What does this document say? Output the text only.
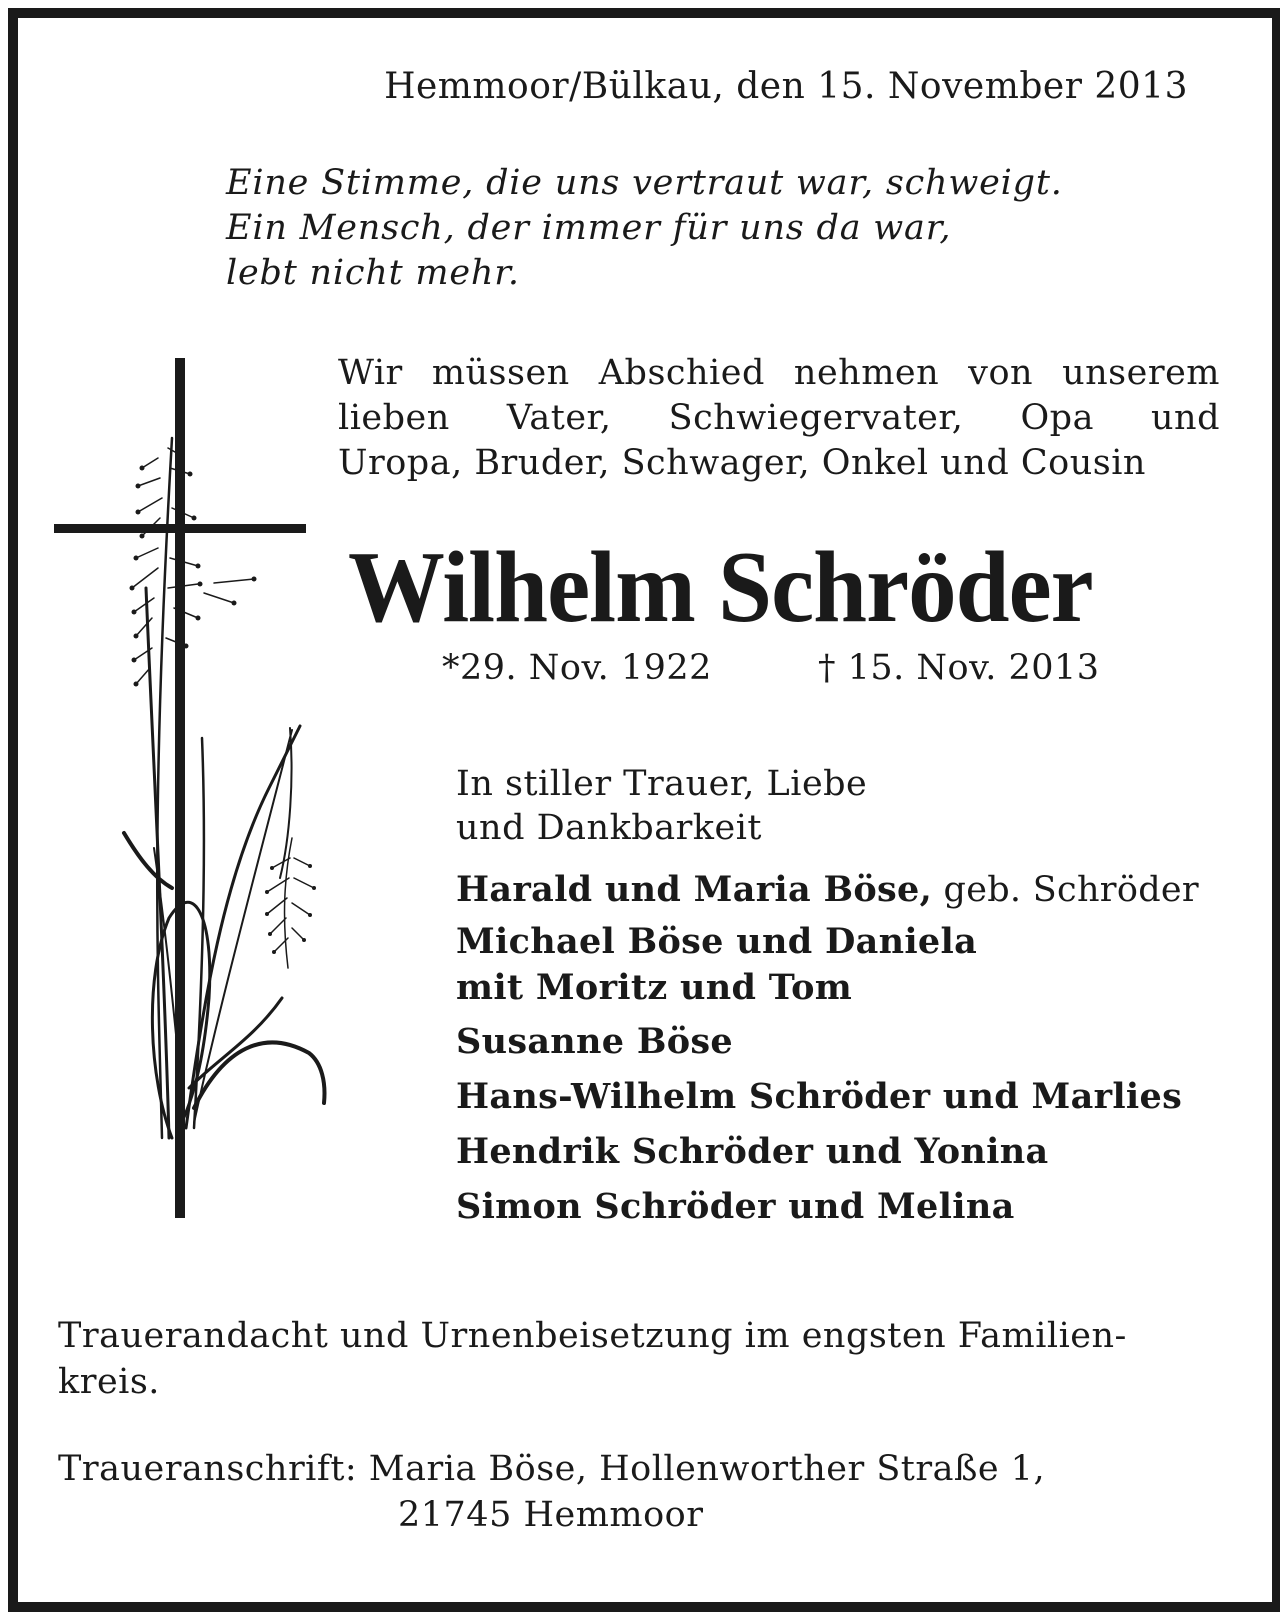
Hemmoor/Bülkau, den 15. November 2013
Eine Stimme, die uns vertraut war, schweigt.
Ein Mensch, der immer für uns da war,
lebt nicht mehr.
Wir müssen Abschied nehmen von unserem
lieben Vater, Schwiegervater, Opa und
Uropa, Bruder, Schwager, Onkel und Cousin
Wilhelm Schröder
*29. Nov. 1922	† 15. Nov. 2013
In stiller Trauer, Liebe
und Dankbarkeit
Harald und Maria Böse, geb. Schröder
Michael Böse und Daniela
mit Moritz und Tom
Susanne Böse
Hans-Wilhelm Schröder und Marlies
Hendrik Schröder und Yonina
Simon Schröder und Melina
Trauerandacht und Urnenbeisetzung im engsten Familien-kreis.
Traueranschrift: Maria Böse, Hollenworther Straße 1,
21745 Hemmoor
